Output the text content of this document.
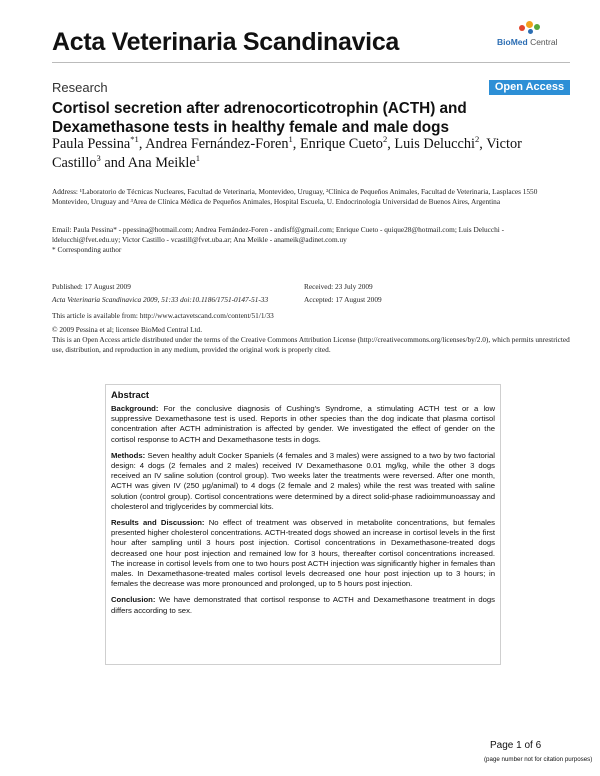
Acta Veterinaria Scandinavica	BioMed Central
Research	Open Access
Cortisol secretion after adrenocorticotrophin (ACTH) and Dexamethasone tests in healthy female and male dogs
Paula Pessina$^{*1}$, Andrea Fernández-Foren$^1$, Enrique Cueto$^2$, Luis Delucchi$^2$, Victor Castillo$^3$ and Ana Meikle$^1$
Address: ¹Laboratorio de Técnicas Nucleares, Facultad de Veterinaria, Montevideo, Uruguay, ²Clínica de Pequeños Animales, Facultad de Veterinaria, Lasplaces 1550 Montevideo, Uruguay and ³Area de Clínica Médica de Pequeños Animales, Hospital Escuela, U. Endocrinología Universidad de Buenos Aires, Argentina
Email: Paula Pessina* - ppessina@hotmail.com; Andrea Fernández-Foren - andisff@gmail.com; Enrique Cueto - quique28@hotmail.com; Luis Delucchi - ldelucchi@fvet.edu.uy; Victor Castillo - vcastill@fvet.uba.ar; Ana Meikle - anameik@adinet.com.uy
* Corresponding author
Published: 17 August 2009
Acta Veterinaria Scandinavica 2009, 51:33 doi:10.1186/1751-0147-51-33
Received: 23 July 2009
Accepted: 17 August 2009
This article is available from: http://www.actavetscand.com/content/51/1/33
© 2009 Pessina et al; licensee BioMed Central Ltd.
This is an Open Access article distributed under the terms of the Creative Commons Attribution License (http://creativecommons.org/licenses/by/2.0), which permits unrestricted use, distribution, and reproduction in any medium, provided the original work is properly cited.
Abstract

Background: For the conclusive diagnosis of Cushing's Syndrome, a stimulating ACTH test or a low suppressive Dexamethasone test is used. Reports in other species than the dog indicate that plasma cortisol concentration after ACTH administration is affected by gender. We investigated the effect of gender on the cortisol response to ACTH and Dexamethasone tests in dogs.

Methods: Seven healthy adult Cocker Spaniels (4 females and 3 males) were assigned to a two by two factorial design: 4 dogs (2 females and 2 males) received IV Dexamethasone 0.01 mg/kg, while the other 3 dogs received an IV saline solution (control group). Two weeks later the treatments were reversed. After one month, ACTH was given IV (250 μg/animal) to 4 dogs (2 female and 2 males) while the rest was treated with saline solution (control group). Cortisol concentrations were determined by a direct solid-phase radioimmunoassay and cholesterol and triglycerides by commercial kits.

Results and Discussion: No effect of treatment was observed in metabolite concentrations, but females presented higher cholesterol concentrations. ACTH-treated dogs showed an increase in cortisol levels in the first hour after sampling until 3 hours post injection. Cortisol concentrations in Dexamethasone-treated dogs decreased one hour post injection and remained low for 3 hours, thereafter cortisol concentrations increased. The increase in cortisol levels from one to two hours post ACTH injection was significantly higher in females than males. In Dexamethasone-treated males cortisol levels decreased one hour post injection up to 3 hours; in females the decrease was more pronounced and prolonged, up to 5 hours post injection.

Conclusion: We have demonstrated that cortisol response to ACTH and Dexamethasone treatment in dogs differs according to sex.

Page 1 of 6
(page number not for citation purposes)
